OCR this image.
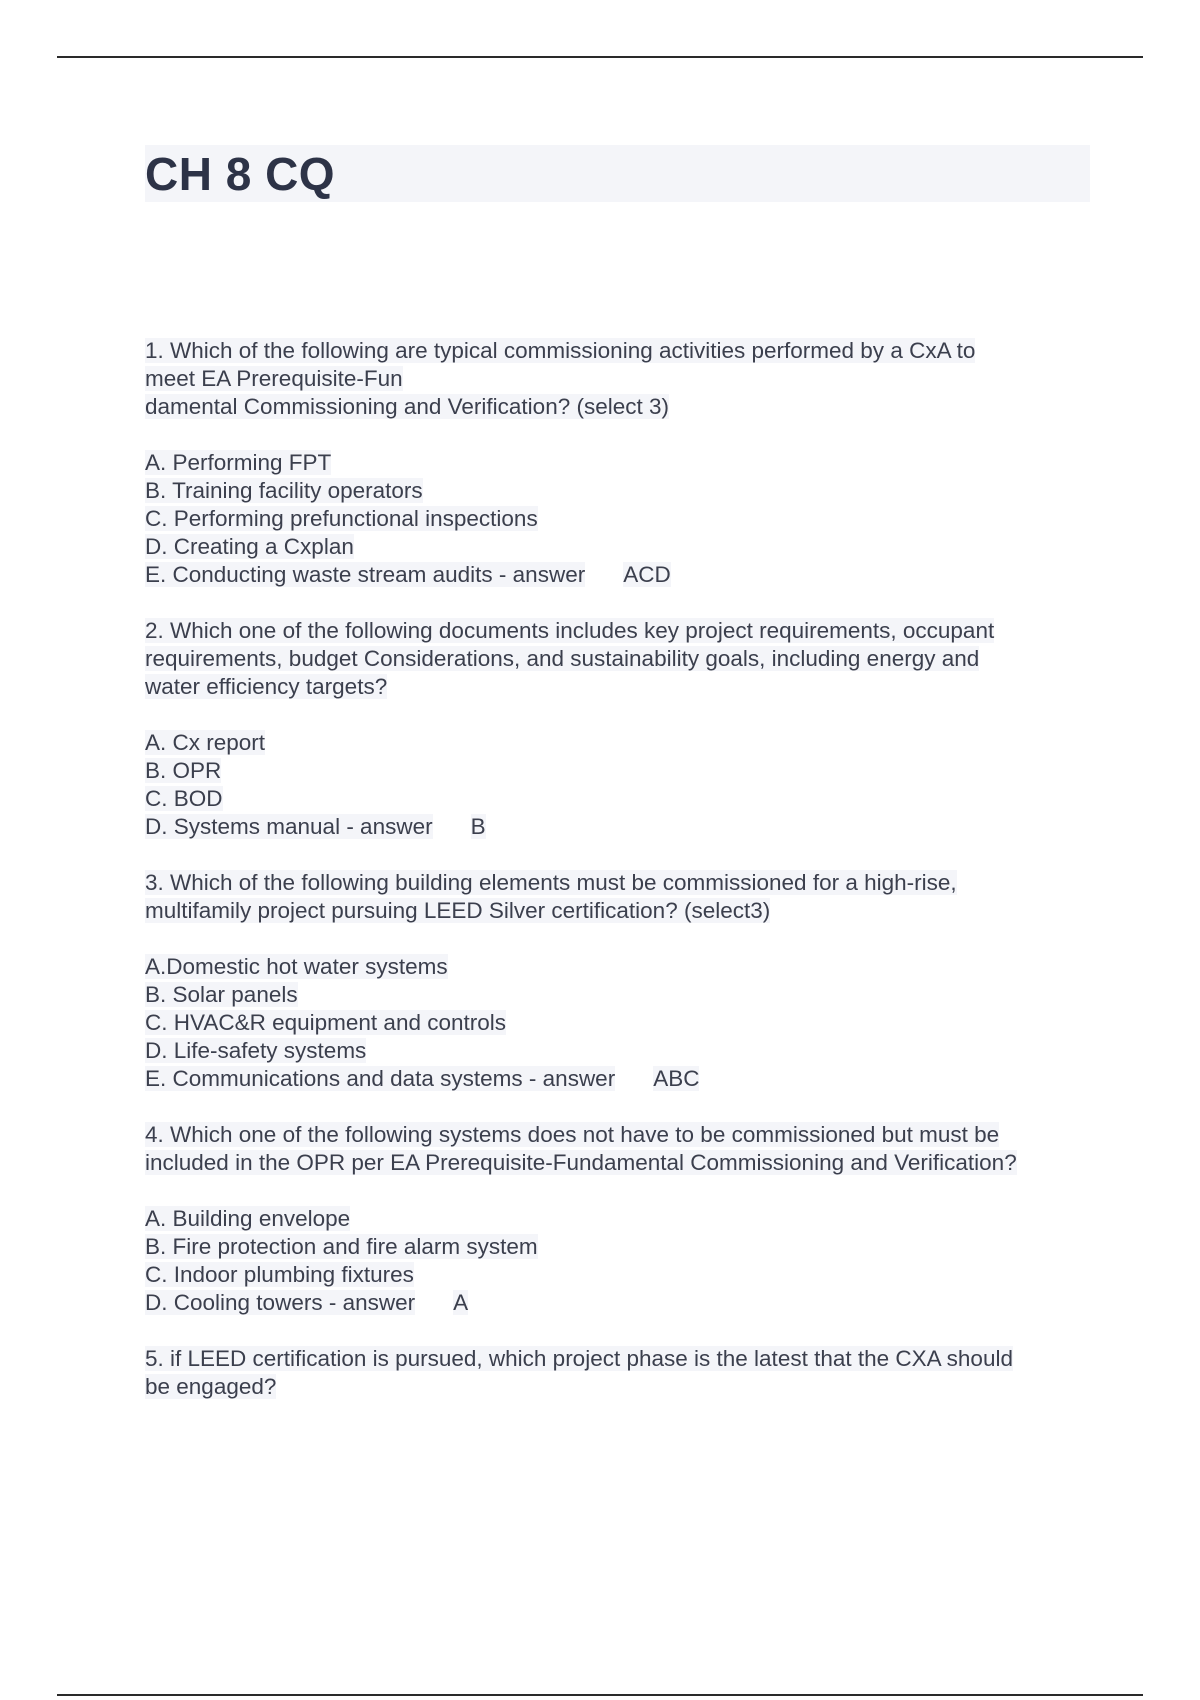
CH 8 CQ
1. Which of the following are typical commissioning activities performed by a CxA to
meet EA Prerequisite-Fun
damental Commissioning and Verification? (select 3)
A. Performing FPT
B. Training facility operators
C. Performing prefunctional inspections
D. Creating a Cxplan
E. Conducting waste stream audits - answer ACD
2. Which one of the following documents includes key project requirements, occupant
requirements, budget Considerations, and sustainability goals, including energy and
water efficiency targets?
A. Cx report
B. OPR
C. BOD
D. Systems manual - answer B
3. Which of the following building elements must be commissioned for a high-rise,
multifamily project pursuing LEED Silver certification? (select3)
A.Domestic hot water systems
B. Solar panels
C. HVAC&R equipment and controls
D. Life-safety systems
E. Communications and data systems - answer ABC
4. Which one of the following systems does not have to be commissioned but must be
included in the OPR per EA Prerequisite-Fundamental Commissioning and Verification?
A. Building envelope
B. Fire protection and fire alarm system
C. Indoor plumbing fixtures
D. Cooling towers - answer A
5. if LEED certification is pursued, which project phase is the latest that the CXA should
be engaged?
